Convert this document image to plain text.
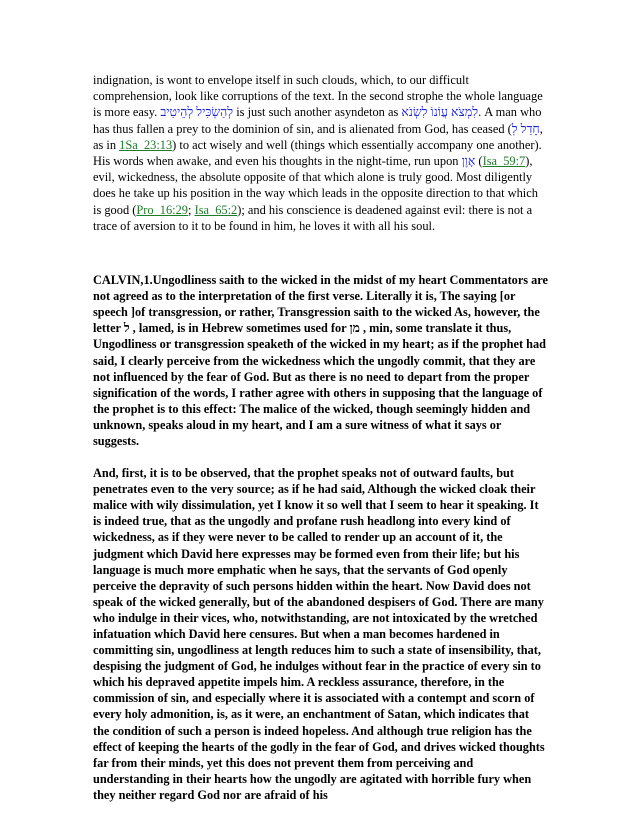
indignation, is wont to envelope itself in such clouds, which, to our difficult comprehension, look like corruptions of the text. In the second strophe the whole language is more easy. לְהַשְׂכִּיל לְהֵיטִיב is just such another asyndeton as לִמְצֹא עֲוֹנוֹ לִשְׂנֹא. A man who has thus fallen a prey to the dominion of sin, and is alienated from God, has ceased (חָדַל לְ, as in 1Sa_23:13) to act wisely and well (things which essentially accompany one another). His words when awake, and even his thoughts in the night-time, run upon אָוֶן (Isa_59:7), evil, wickedness, the absolute opposite of that which alone is truly good. Most diligently does he take up his position in the way which leads in the opposite direction to that which is good (Pro_16:29; Isa_65:2); and his conscience is deadened against evil: there is not a trace of aversion to it to be found in him, he loves it with all his soul.

CALVIN,1.Ungodliness saith to the wicked in the midst of my heart Commentators are not agreed as to the interpretation of the first verse. Literally it is, The saying [or speech ]of transgression, or rather, Transgression saith to the wicked As, however, the letter ל , lamed, is in Hebrew sometimes used for מן , min, some translate it thus, Ungodliness or transgression speaketh of the wicked in my heart; as if the prophet had said, I clearly perceive from the wickedness which the ungodly commit, that they are not influenced by the fear of God. But as there is no need to depart from the proper signification of the words, I rather agree with others in supposing that the language of the prophet is to this effect: The malice of the wicked, though seemingly hidden and unknown, speaks aloud in my heart, and I am a sure witness of what it says or suggests.

And, first, it is to be observed, that the prophet speaks not of outward faults, but penetrates even to the very source; as if he had said, Although the wicked cloak their malice with wily dissimulation, yet I know it so well that I seem to hear it speaking. It is indeed true, that as the ungodly and profane rush headlong into every kind of wickedness, as if they were never to be called to render up an account of it, the judgment which David here expresses may be formed even from their life; but his language is much more emphatic when he says, that the servants of God openly perceive the depravity of such persons hidden within the heart. Now David does not speak of the wicked generally, but of the abandoned despisers of God. There are many who indulge in their vices, who, notwithstanding, are not intoxicated by the wretched infatuation which David here censures. But when a man becomes hardened in committing sin, ungodliness at length reduces him to such a state of insensibility, that, despising the judgment of God, he indulges without fear in the practice of every sin to which his depraved appetite impels him. A reckless assurance, therefore, in the commission of sin, and especially where it is associated with a contempt and scorn of every holy admonition, is, as it were, an enchantment of Satan, which indicates that the condition of such a person is indeed hopeless. And although true religion has the effect of keeping the hearts of the godly in the fear of God, and drives wicked thoughts far from their minds, yet this does not prevent them from perceiving and understanding in their hearts how the ungodly are agitated with horrible fury when they neither regard God nor are afraid of his
